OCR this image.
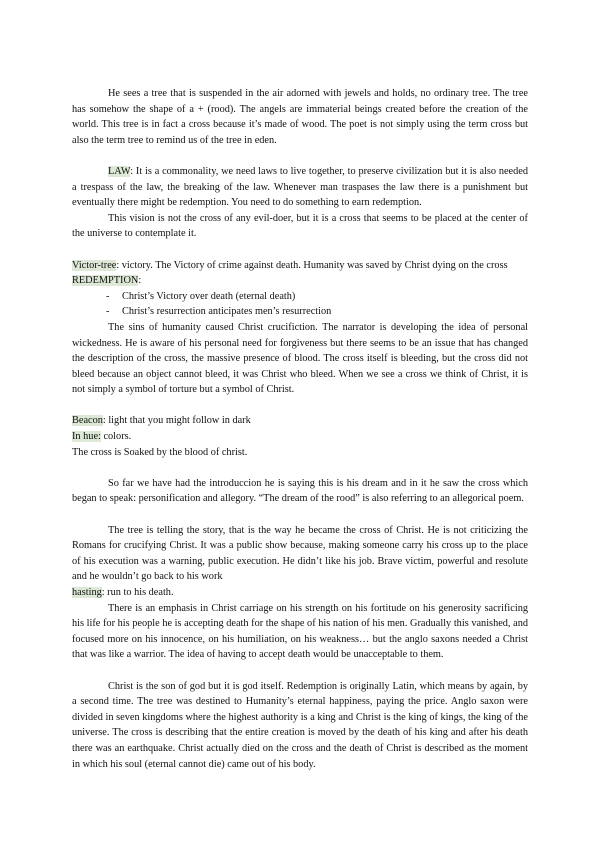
He sees a tree that is suspended in the air adorned with jewels and holds, no ordinary tree. The tree has somehow the shape of a + (rood). The angels are immaterial beings created before the creation of the world. This tree is in fact a cross because it’s made of wood. The poet is not simply using the term cross but also the term tree to remind us of the tree in eden.

LAW: It is a commonality, we need laws to live together, to preserve civilization but it is also needed a trespass of the law, the breaking of the law. Whenever man traspases the law there is a punishment but eventually there might be redemption. You need to do something to earn redemption.

This vision is not the cross of any evil-doer, but it is a cross that seems to be placed at the center of the universe to contemplate it.

Victor-tree: victory. The Victory of crime against death. Humanity was saved by Christ dying on the cross

REDEMPTION:

- Christ’s Victory over death (eternal death)
- Christ’s resurrection anticipates men’s resurrection

The sins of humanity caused Christ crucifiction. The narrator is developing the idea of personal wickedness. He is aware of his personal need for forgiveness but there seems to be an issue that has changed the description of the cross, the massive presence of blood. The cross itself is bleeding, but the cross did not bleed because an object cannot bleed, it was Christ who bleed. When we see a cross we think of Christ, it is not simply a symbol of torture but a symbol of Christ.

Beacon: light that you might follow in dark

In hue: colors.

The cross is Soaked by the blood of christ.

So far we have had the introduccion he is saying this is his dream and in it he saw the cross which began to speak: personification and allegory. “The dream of the rood” is also referring to an allegorical poem.

The tree is telling the story, that is the way he became the cross of Christ. He is not criticizing the Romans for crucifying Christ. It was a public show because, making someone carry his cross up to the place of his execution was a warning, public execution. He didn’t like his job. Brave victim, powerful and resolute and he wouldn’t go back to his work

hasting: run to his death.

There is an emphasis in Christ carriage on his strength on his fortitude on his generosity sacrificing his life for his people he is accepting death for the shape of his nation of his men. Gradually this vanished, and focused more on his innocence, on his humiliation, on his weakness… but the anglo saxons needed a Christ that was like a warrior. The idea of having to accept death would be unacceptable to them.

Christ is the son of god but it is god itself. Redemption is originally Latin, which means by again, by a second time. The tree was destined to Humanity’s eternal happiness, paying the price. Anglo saxon were divided in seven kingdoms where the highest authority is a king and Christ is the king of kings, the king of the universe. The cross is describing that the entire creation is moved by the death of his king and after his death there was an earthquake. Christ actually died on the cross and the death of Christ is described as the moment in which his soul (eternal cannot die) came out of his body.
